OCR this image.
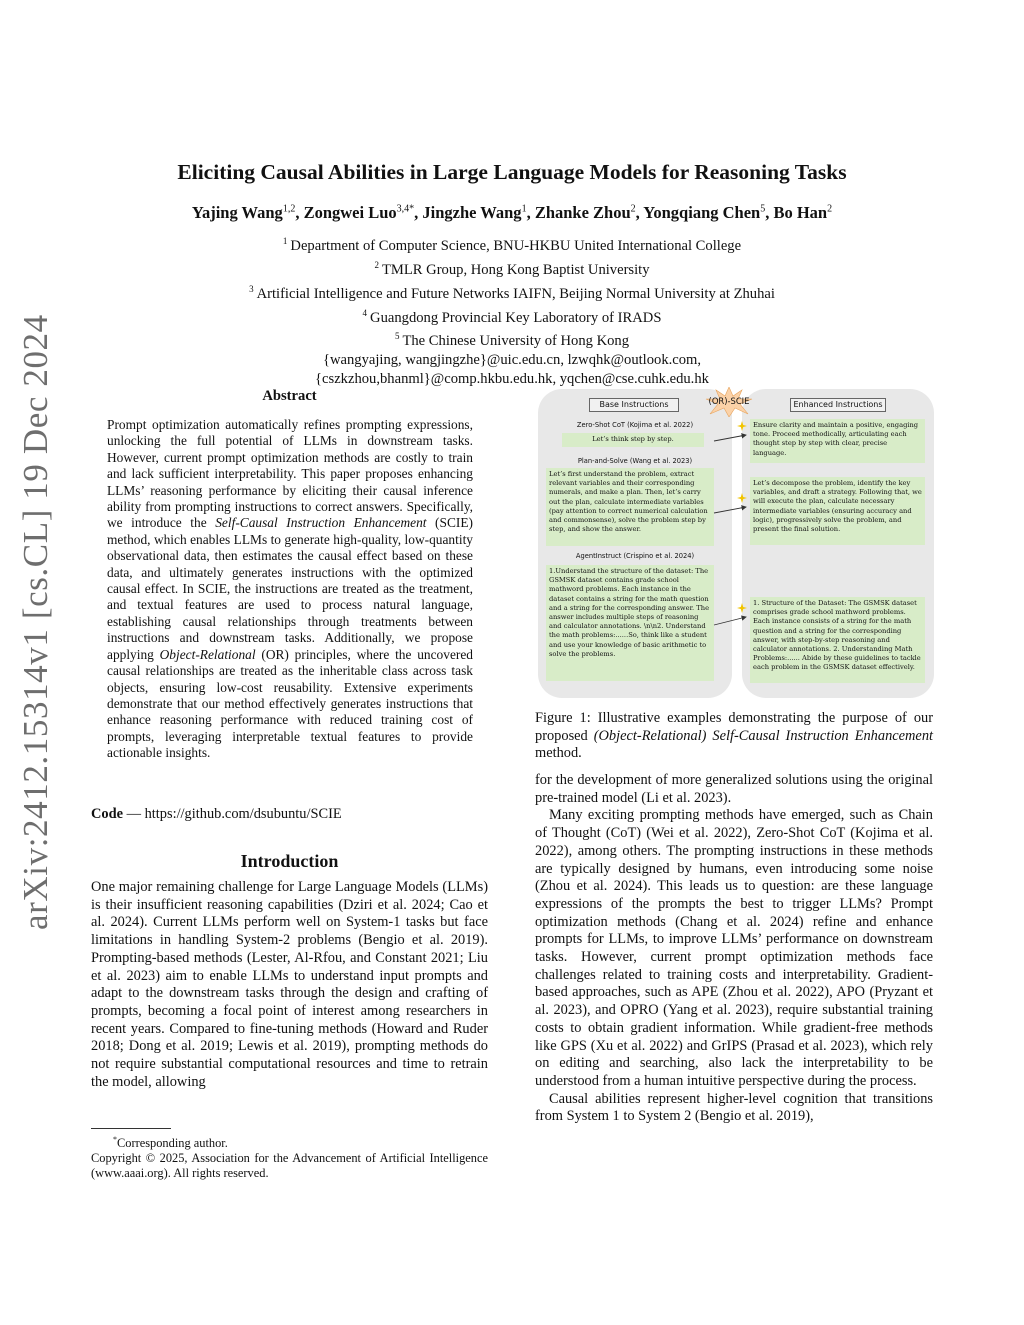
arXiv:2412.15314v1 [cs.CL] 19 Dec 2024
Eliciting Causal Abilities in Large Language Models for Reasoning Tasks
Yajing Wang$^{1,2}$, Zongwei Luo$^{3,4*}$, Jingzhe Wang$^1$, Zhanke Zhou$^2$, Yongqiang Chen$^5$, Bo Han$^2$
$^1$ Department of Computer Science, BNU-HKBU United International College
$^2$ TMLR Group, Hong Kong Baptist University
$^3$ Artificial Intelligence and Future Networks IAIFN, Beijing Normal University at Zhuhai
$^4$ Guangdong Provincial Key Laboratory of IRADS
$^5$ The Chinese University of Hong Kong
{wangyajing, wangjingzhe}@uic.edu.cn, lzwqhk@outlook.com,
{cszkzhou,bhanml}@comp.hkbu.edu.hk, yqchen@cse.cuhk.edu.hk
Abstract
Prompt optimization automatically refines prompting expressions, unlocking the full potential of LLMs in downstream tasks. However, current prompt optimization methods are costly to train and lack sufficient interpretability. This paper proposes enhancing LLMs’ reasoning performance by eliciting their causal inference ability from prompting instructions to correct answers. Specifically, we introduce the Self-Causal Instruction Enhancement (SCIE) method, which enables LLMs to generate high-quality, low-quantity observational data, then estimates the causal effect based on these data, and ultimately generates instructions with the optimized causal effect. In SCIE, the instructions are treated as the treatment, and textual features are used to process natural language, establishing causal relationships through treatments between instructions and downstream tasks. Additionally, we propose applying Object-Relational (OR) principles, where the uncovered causal relationships are treated as the inheritable class across task objects, ensuring low-cost reusability. Extensive experiments demonstrate that our method effectively generates instructions that enhance reasoning performance with reduced training cost of prompts, leveraging interpretable textual features to provide actionable insights.
Code — https://github.com/dsubuntu/SCIE
Introduction
One major remaining challenge for Large Language Models (LLMs) is their insufficient reasoning capabilities (Dziri et al. 2024; Cao et al. 2024). Current LLMs perform well on System-1 tasks but face limitations in handling System-2 problems (Bengio et al. 2019). Prompting-based methods (Lester, Al-Rfou, and Constant 2021; Liu et al. 2023) aim to enable LLMs to understand input prompts and adapt to the downstream tasks through the design and crafting of prompts, becoming a focal point of interest among researchers in recent years. Compared to fine-tuning methods (Howard and Ruder 2018; Dong et al. 2019; Lewis et al. 2019), prompting methods do not require substantial computational resources and time to retrain the model, allowing
*Corresponding author.
Copyright © 2025, Association for the Advancement of Artificial Intelligence (www.aaai.org). All rights reserved.
Base Instructions	Enhanced Instructions
(OR)-SCIE
Zero-Shot CoT (Kojima et al. 2022)
Let’s think step by step.
Ensure clarity and maintain a positive, engaging tone. Proceed methodically, articulating each thought step by step with clear, precise language.
Plan-and-Solve (Wang et al. 2023)
Let’s first understand the problem, extract relevant variables and their corresponding numerals, and make a plan. Then, let’s carry out the plan, calculate intermediate variables (pay attention to correct numerical calculation and commonsense), solve the problem step by step, and show the answer.
Let’s decompose the problem, identify the key variables, and draft a strategy. Following that, we will execute the plan, calculate necessary intermediate variables (ensuring accuracy and logic), progressively solve the problem, and present the final solution.
AgentInstruct (Crispino et al. 2024)
1.Understand the structure of the dataset: The GSMSK dataset contains grade school mathword problems. Each instance in the dataset contains a string for the math question and a string for the corresponding answer. The answer includes multiple steps of reasoning and calculator annotations. \n\n2. Understand the math problems:......So, think like a student and use your knowledge of basic arithmetic to solve the problems.
1. Structure of the Dataset: The GSMSK dataset comprises grade school mathword problems. Each instance consists of a string for the math question and a string for the corresponding answer, with step-by-step reasoning and calculator annotations. 2. Understanding Math Problems:...... Abide by these guidelines to tackle each problem in the GSMSK dataset effectively.
Figure 1: Illustrative examples demonstrating the purpose of our proposed (Object-Relational) Self-Causal Instruction Enhancement method.
for the development of more generalized solutions using the original pre-trained model (Li et al. 2023).
Many exciting prompting methods have emerged, such as Chain of Thought (CoT) (Wei et al. 2022), Zero-Shot CoT (Kojima et al. 2022), among others. The prompting instructions in these methods are typically designed by humans, even introducing some noise (Zhou et al. 2024). This leads us to question: are these language expressions of the prompts the best to trigger LLMs? Prompt optimization methods (Chang et al. 2024) refine and enhance prompts for LLMs, to improve LLMs’ performance on downstream tasks. However, current prompt optimization methods face challenges related to training costs and interpretability. Gradient-based approaches, such as APE (Zhou et al. 2022), APO (Pryzant et al. 2023), and OPRO (Yang et al. 2023), require substantial training costs to obtain gradient information. While gradient-free methods like GPS (Xu et al. 2022) and GrIPS (Prasad et al. 2023), which rely on editing and searching, also lack the interpretability to be understood from a human intuitive perspective during the process.
Causal abilities represent higher-level cognition that transitions from System 1 to System 2 (Bengio et al. 2019),
